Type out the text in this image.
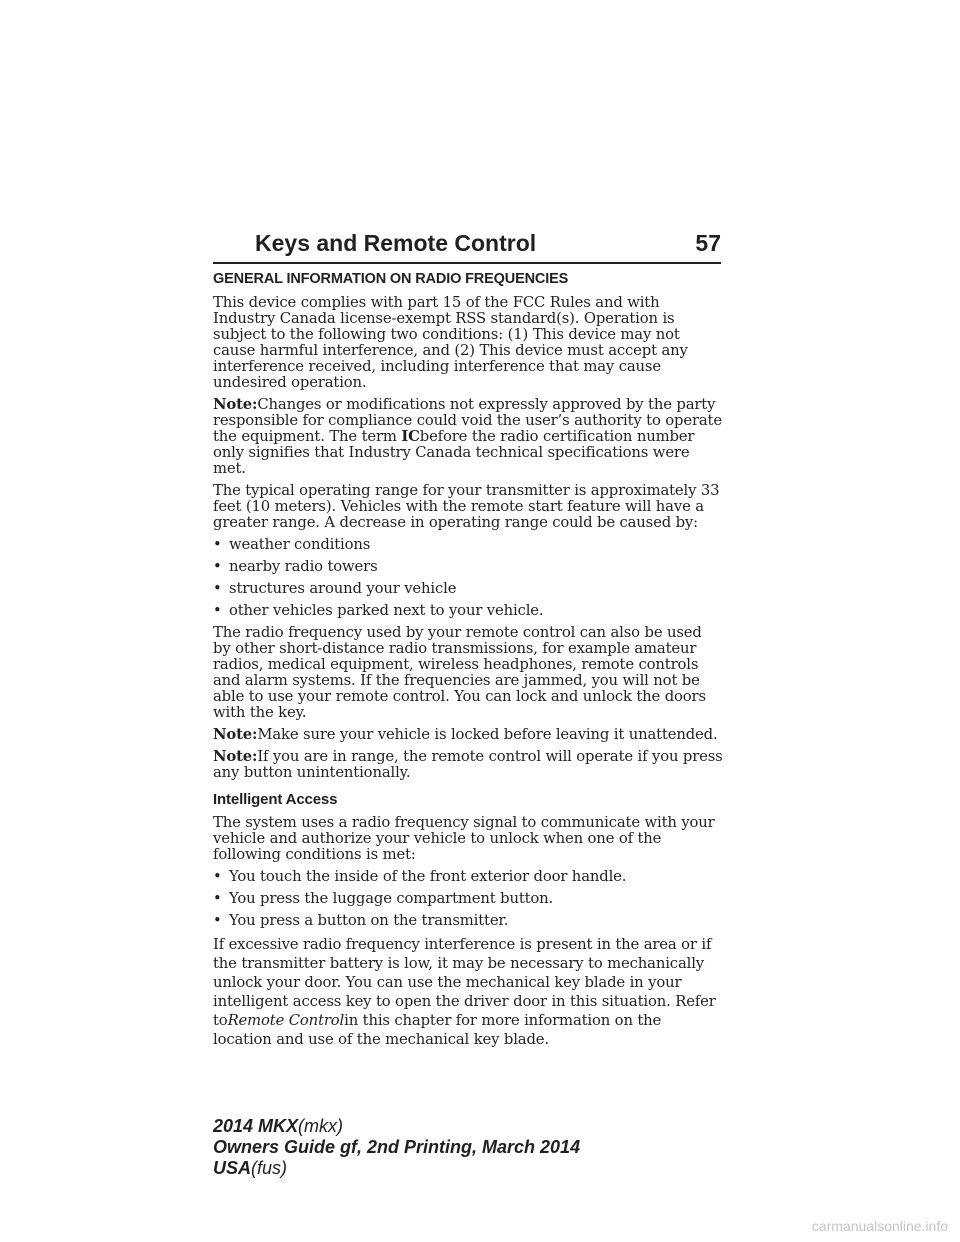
Keys and Remote Control	57
GENERAL INFORMATION ON RADIO FREQUENCIES

This device complies with part 15 of the FCC Rules and with Industry Canada license-exempt RSS standard(s). Operation is subject to the following two conditions: (1) This device may not cause harmful interference, and (2) This device must accept any interference received, including interference that may cause undesired operation.

Note:Changes or modifications not expressly approved by the party responsible for compliance could void the user’s authority to operate the equipment. The term ICbefore the radio certification number only signifies that Industry Canada technical specifications were met.

The typical operating range for your transmitter is approximately 33 feet (10 meters). Vehicles with the remote start feature will have a greater range. A decrease in operating range could be caused by:

• weather conditions
• nearby radio towers
• structures around your vehicle
• other vehicles parked next to your vehicle.

The radio frequency used by your remote control can also be used by other short-distance radio transmissions, for example amateur radios, medical equipment, wireless headphones, remote controls and alarm systems. If the frequencies are jammed, you will not be able to use your remote control. You can lock and unlock the doors with the key.

Note:Make sure your vehicle is locked before leaving it unattended.

Note:If you are in range, the remote control will operate if you press any button unintentionally.

Intelligent Access

The system uses a radio frequency signal to communicate with your vehicle and authorize your vehicle to unlock when one of the following conditions is met:

• You touch the inside of the front exterior door handle.
• You press the luggage compartment button.
• You press a button on the transmitter.

If excessive radio frequency interference is present in the area or if the transmitter battery is low, it may be necessary to mechanically unlock your door. You can use the mechanical key blade in your intelligent access key to open the driver door in this situation. Refer toRemote Controlin this chapter for more information on the location and use of the mechanical key blade.

2014 MKX(mkx)
Owners Guide gf, 2nd Printing, March 2014
USA(fus)
carmanualsonline.info
